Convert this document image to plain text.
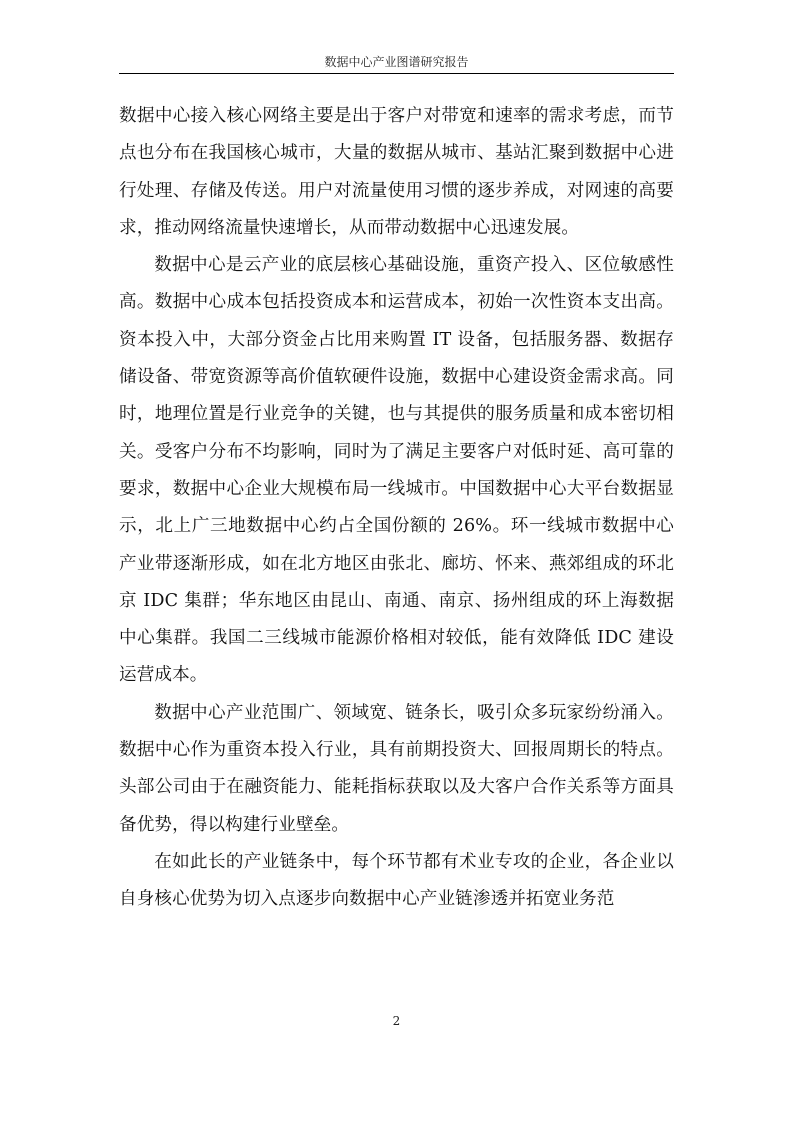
数据中心产业图谱研究报告

数据中心接入核心网络主要是出于客户对带宽和速率的需求考虑，而节点也分布在我国核心城市，大量的数据从城市、基站汇聚到数据中心进行处理、存储及传送。用户对流量使用习惯的逐步养成，对网速的高要求，推动网络流量快速增长，从而带动数据中心迅速发展。

数据中心是云产业的底层核心基础设施，重资产投入、区位敏感性高。数据中心成本包括投资成本和运营成本，初始一次性资本支出高。资本投入中，大部分资金占比用来购置 IT 设备，包括服务器、数据存储设备、带宽资源等高价值软硬件设施，数据中心建设资金需求高。同时，地理位置是行业竞争的关键，也与其提供的服务质量和成本密切相关。受客户分布不均影响，同时为了满足主要客户对低时延、高可靠的要求，数据中心企业大规模布局一线城市。中国数据中心大平台数据显示，北上广三地数据中心约占全国份额的 26%。环一线城市数据中心产业带逐渐形成，如在北方地区由张北、廊坊、怀来、燕郊组成的环北京 IDC 集群；华东地区由昆山、南通、南京、扬州组成的环上海数据中心集群。我国二三线城市能源价格相对较低，能有效降低 IDC 建设运营成本。

数据中心产业范围广、领域宽、链条长，吸引众多玩家纷纷涌入。数据中心作为重资本投入行业，具有前期投资大、回报周期长的特点。头部公司由于在融资能力、能耗指标获取以及大客户合作关系等方面具备优势，得以构建行业壁垒。

在如此长的产业链条中，每个环节都有术业专攻的企业，各企业以自身核心优势为切入点逐步向数据中心产业链渗透并拓宽业务范

2
